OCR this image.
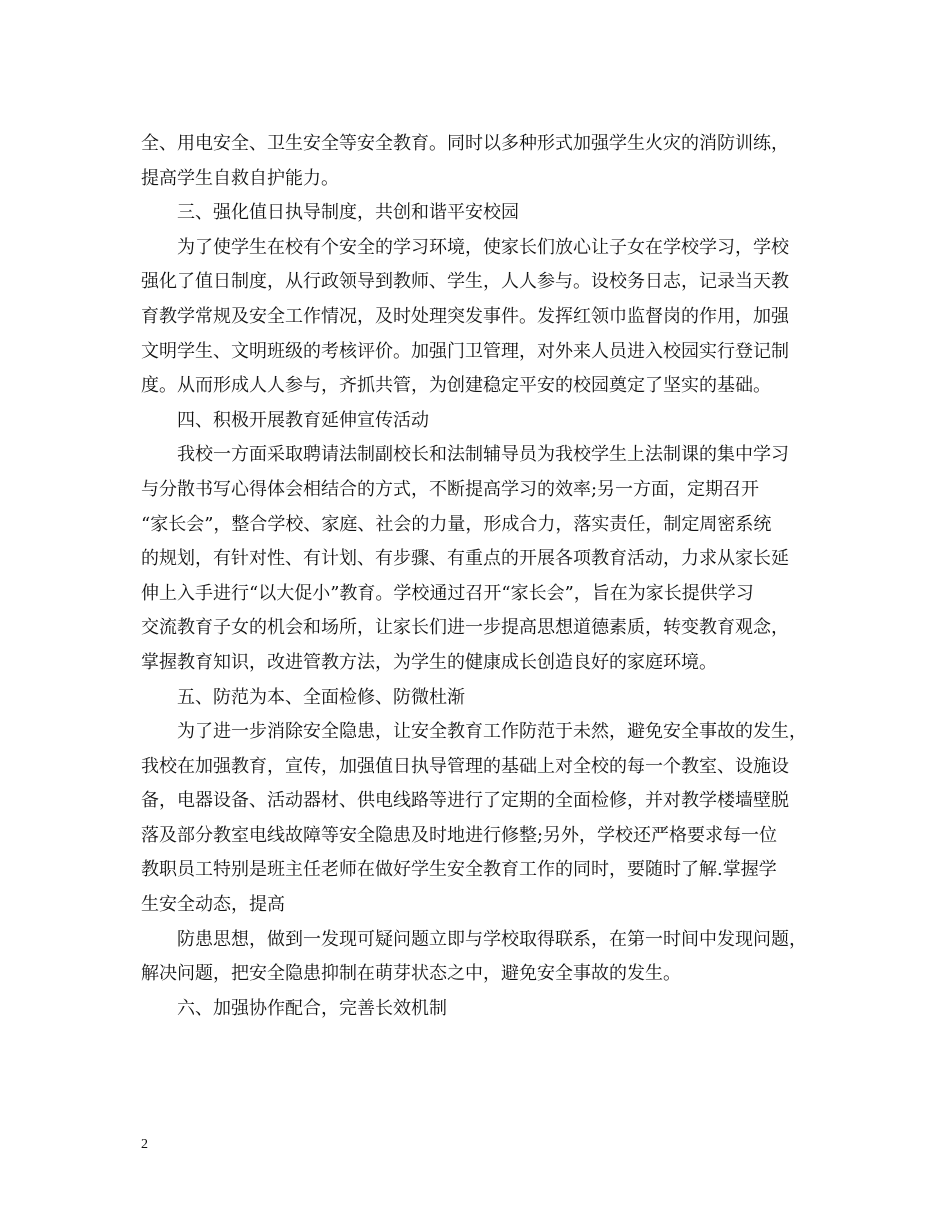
全、用电安全、卫生安全等安全教育。同时以多种形式加强学生火灾的消防训练，
提高学生自救自护能力。
三、强化值日执导制度，共创和谐平安校园
为了使学生在校有个安全的学习环境，使家长们放心让子女在学校学习，学校
强化了值日制度，从行政领导到教师、学生，人人参与。设校务日志，记录当天教
育教学常规及安全工作情况，及时处理突发事件。发挥红领巾监督岗的作用，加强
文明学生、文明班级的考核评价。加强门卫管理，对外来人员进入校园实行登记制
度。从而形成人人参与，齐抓共管，为创建稳定平安的校园奠定了坚实的基础。
四、积极开展教育延伸宣传活动
我校一方面采取聘请法制副校长和法制辅导员为我校学生上法制课的集中学习
与分散书写心得体会相结合的方式，不断提高学习的效率;另一方面，定期召开
“家长会”，整合学校、家庭、社会的力量，形成合力，落实责任，制定周密系统
的规划，有针对性、有计划、有步骤、有重点的开展各项教育活动，力求从家长延
伸上入手进行“以大促小”教育。学校通过召开“家长会”，旨在为家长提供学习
交流教育子女的机会和场所，让家长们进一步提高思想道德素质，转变教育观念，
掌握教育知识，改进管教方法，为学生的健康成长创造良好的家庭环境。
五、防范为本、全面检修、防微杜渐
为了进一步消除安全隐患，让安全教育工作防范于未然，避免安全事故的发生，
我校在加强教育，宣传，加强值日执导管理的基础上对全校的每一个教室、设施设
备，电器设备、活动器材、供电线路等进行了定期的全面检修，并对教学楼墙壁脱
落及部分教室电线故障等安全隐患及时地进行修整;另外，学校还严格要求每一位
教职员工特别是班主任老师在做好学生安全教育工作的同时，要随时了解.掌握学
生安全动态，提高
防患思想，做到一发现可疑问题立即与学校取得联系，在第一时间中发现问题，
解决问题，把安全隐患抑制在萌芽状态之中，避免安全事故的发生。
六、加强协作配合，完善长效机制
2
